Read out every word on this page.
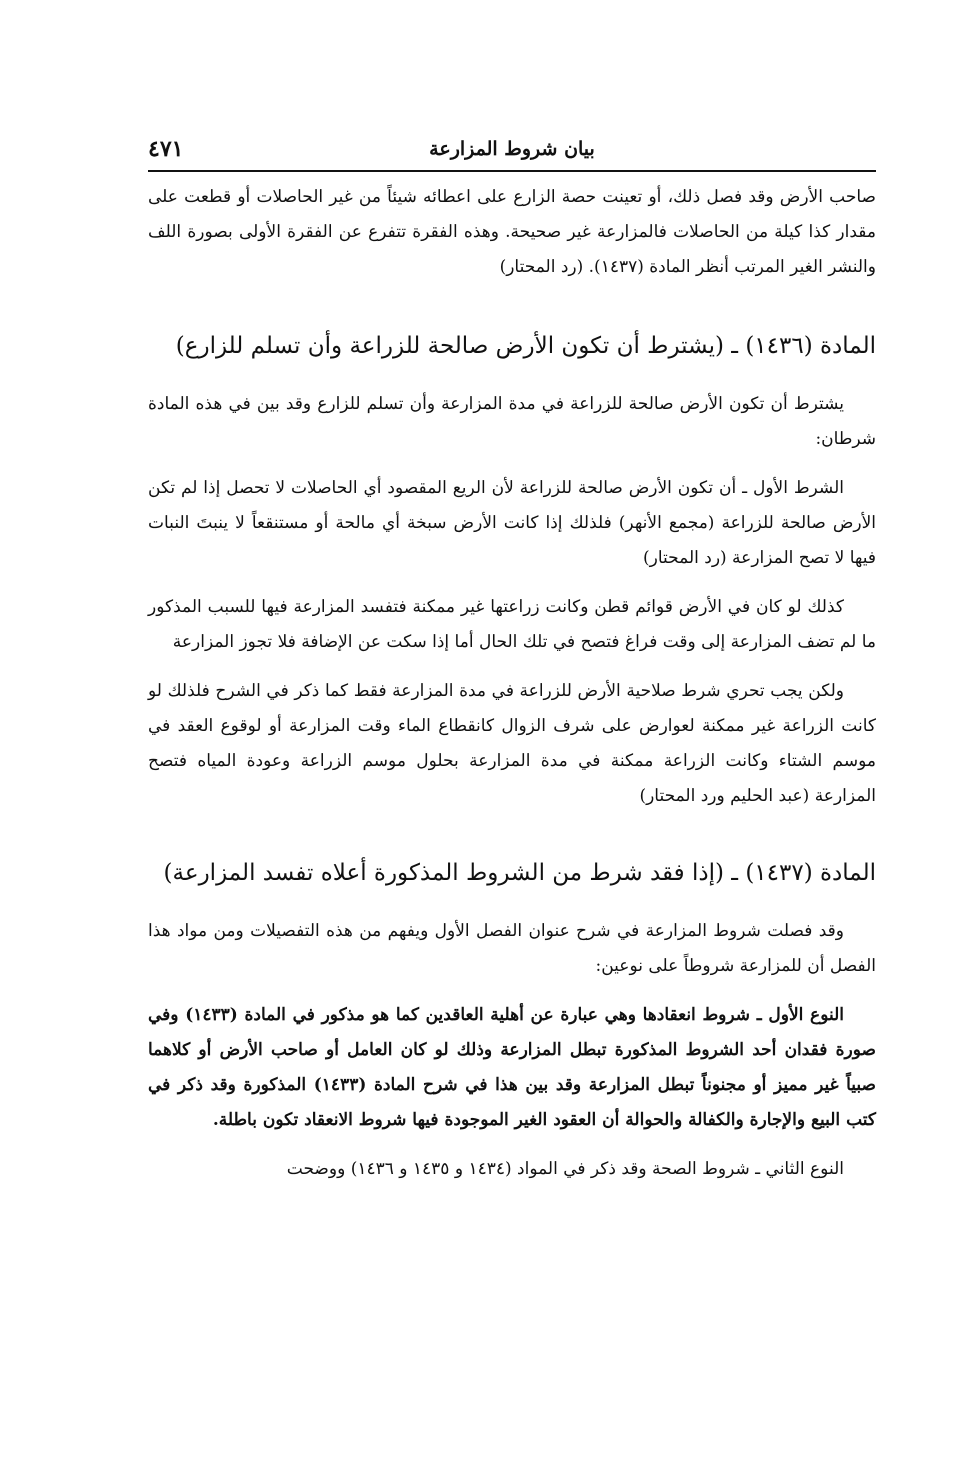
بيان شروط المزارعة
٤٧١

صاحب الأرض وقد فصل ذلك، أو تعينت حصة الزارع على اعطائه شيئاً من غير الحاصلات أو قطعت على مقدار كذا كيلة من الحاصلات فالمزارعة غير صحيحة. وهذه الفقرة تتفرع عن الفقرة الأولى بصورة اللف والنشر الغير المرتب أنظر المادة (١٤٣٧). (رد المحتار)

المادة (١٤٣٦) ـ (يشترط أن تكون الأرض صالحة للزراعة وأن تسلم للزارع)

يشترط أن تكون الأرض صالحة للزراعة في مدة المزارعة وأن تسلم للزارع وقد بين في هذه المادة شرطان:

الشرط الأول ـ أن تكون الأرض صالحة للزراعة لأن الريع المقصود أي الحاصلات لا تحصل إذا لم تكن الأرض صالحة للزراعة (مجمع الأنهر) فلذلك إذا كانت الأرض سبخة أي مالحة أو مستنقعاً لا ينبتَ النبات فيها لا تصح المزارعة (رد المحتار)

كذلك لو كان في الأرض قوائم قطن وكانت زراعتها غير ممكنة فتفسد المزارعة فيها للسبب المذكور ما لم تضف المزارعة إلى وقت فراغ فتصح في تلك الحال أما إذا سكت عن الإضافة فلا تجوز المزارعة

ولكن يجب تحري شرط صلاحية الأرض للزراعة في مدة المزارعة فقط كما ذكر في الشرح فلذلك لو كانت الزراعة غير ممكنة لعوارض على شرف الزوال كانقطاع الماء وقت المزارعة أو لوقوع العقد في موسم الشتاء وكانت الزراعة ممكنة في مدة المزارعة بحلول موسم الزراعة وعودة المياه فتصح المزارعة (عبد الحليم ورد المحتار)

المادة (١٤٣٧) ـ (إذا فقد شرط من الشروط المذكورة أعلاه تفسد المزارعة)

وقد فصلت شروط المزارعة في شرح عنوان الفصل الأول ويفهم من هذه التفصيلات ومن مواد هذا الفصل أن للمزارعة شروطاً على نوعين:

النوع الأول ـ شروط انعقادها وهي عبارة عن أهلية العاقدين كما هو مذكور في المادة (١٤٣٣) وفي صورة فقدان أحد الشروط المذكورة تبطل المزارعة وذلك لو كان العامل أو صاحب الأرض أو كلاهما صبياً غير مميز أو مجنوناً تبطل المزارعة وقد بين هذا في شرح المادة (١٤٣٣) المذكورة وقد ذكر في كتب البيع والإجارة والكفالة والحوالة أن العقود الغير الموجودة فيها شروط الانعقاد تكون باطلة.

النوع الثاني ـ شروط الصحة وقد ذكر في المواد (١٤٣٤ و ١٤٣٥ و ١٤٣٦) ووضحت
